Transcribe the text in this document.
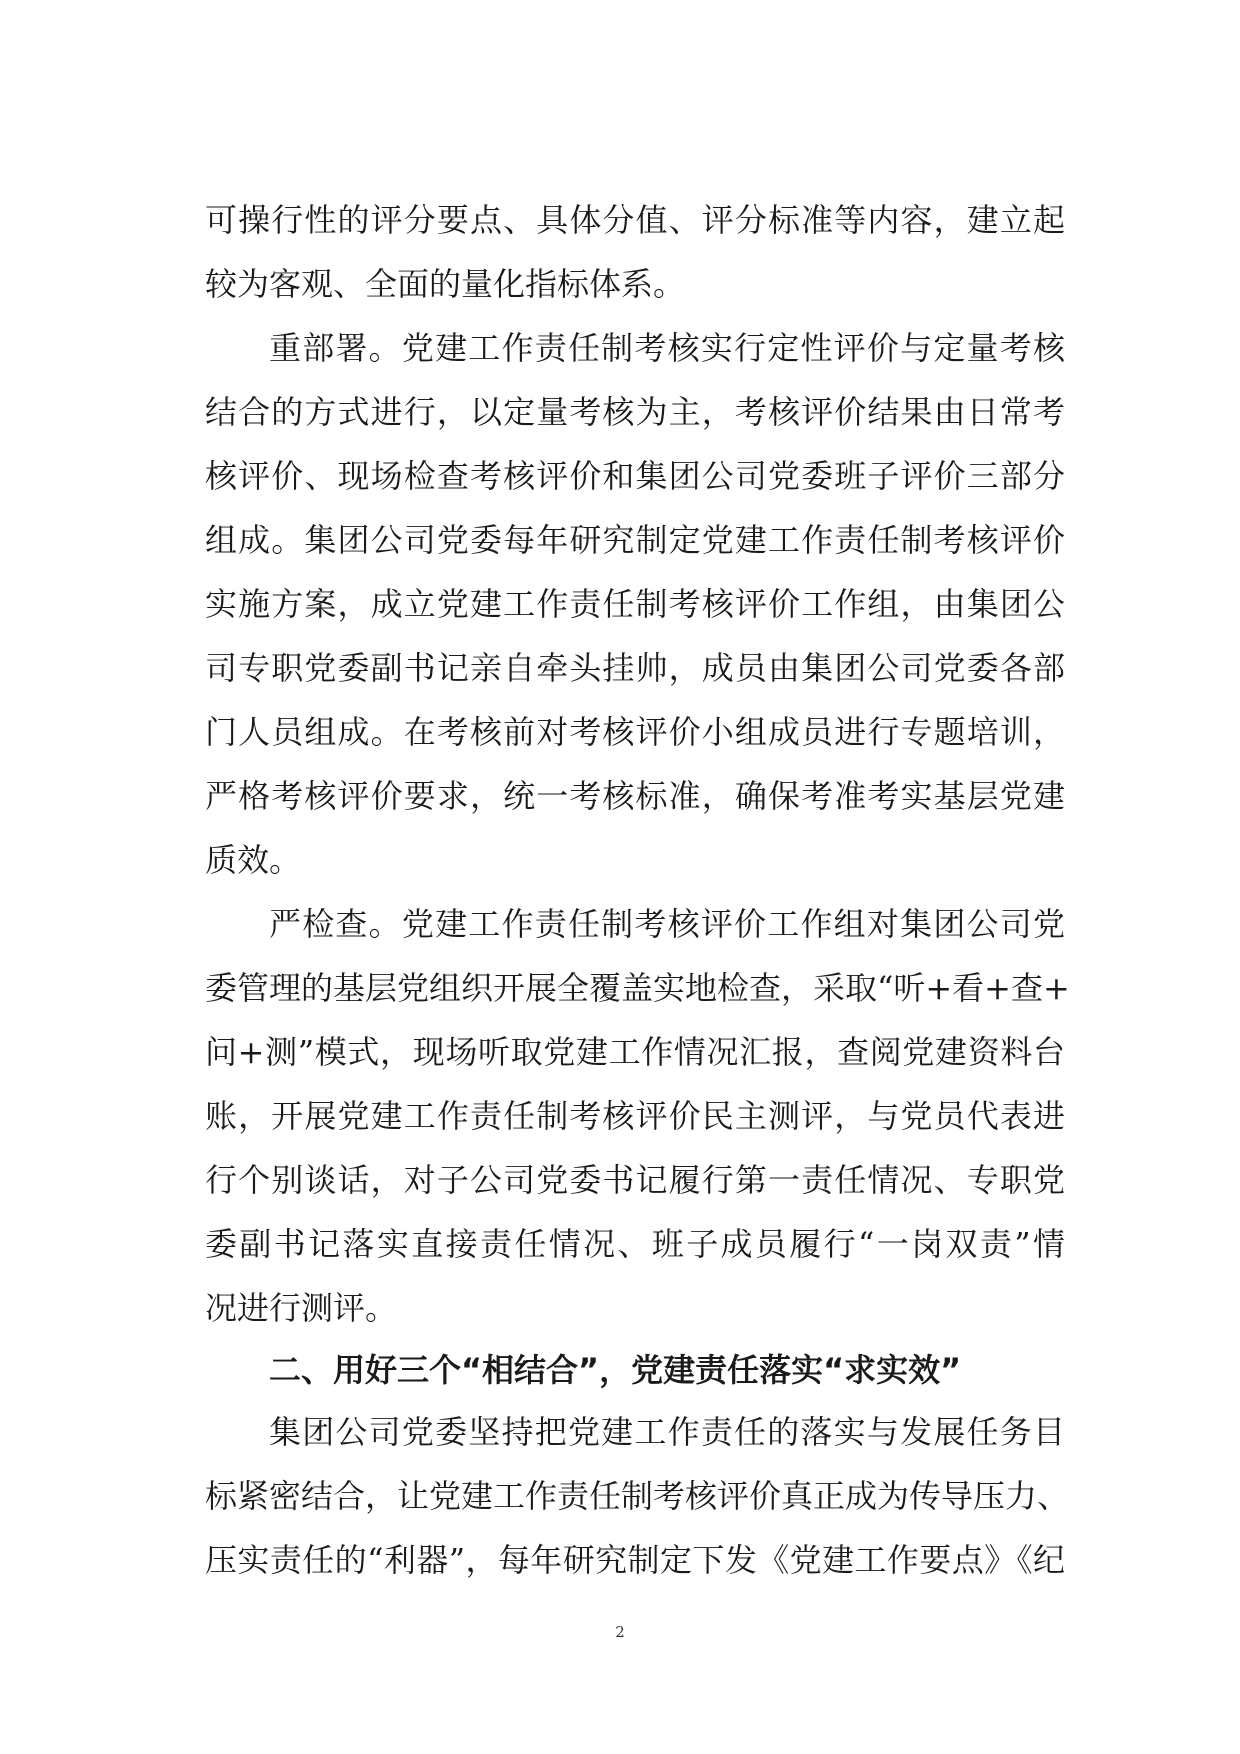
可操行性的评分要点、具体分值、评分标准等内容，建立起
较为客观、全面的量化指标体系。
重部署。党建工作责任制考核实行定性评价与定量考核
结合的方式进行，以定量考核为主，考核评价结果由日常考
核评价、现场检查考核评价和集团公司党委班子评价三部分
组成。集团公司党委每年研究制定党建工作责任制考核评价
实施方案，成立党建工作责任制考核评价工作组，由集团公
司专职党委副书记亲自牵头挂帅，成员由集团公司党委各部
门人员组成。在考核前对考核评价小组成员进行专题培训，
严格考核评价要求，统一考核标准，确保考准考实基层党建
质效。
严检查。党建工作责任制考核评价工作组对集团公司党
委管理的基层党组织开展全覆盖实地检查，采取“听+看+查+
问+测”模式，现场听取党建工作情况汇报，查阅党建资料台
账，开展党建工作责任制考核评价民主测评，与党员代表进
行个别谈话，对子公司党委书记履行第一责任情况、专职党
委副书记落实直接责任情况、班子成员履行“一岗双责”情
况进行测评。
二、用好三个“相结合”，党建责任落实“求实效”
集团公司党委坚持把党建工作责任的落实与发展任务目
标紧密结合，让党建工作责任制考核评价真正成为传导压力、
压实责任的“利器”，每年研究制定下发《党建工作要点》《纪
2
